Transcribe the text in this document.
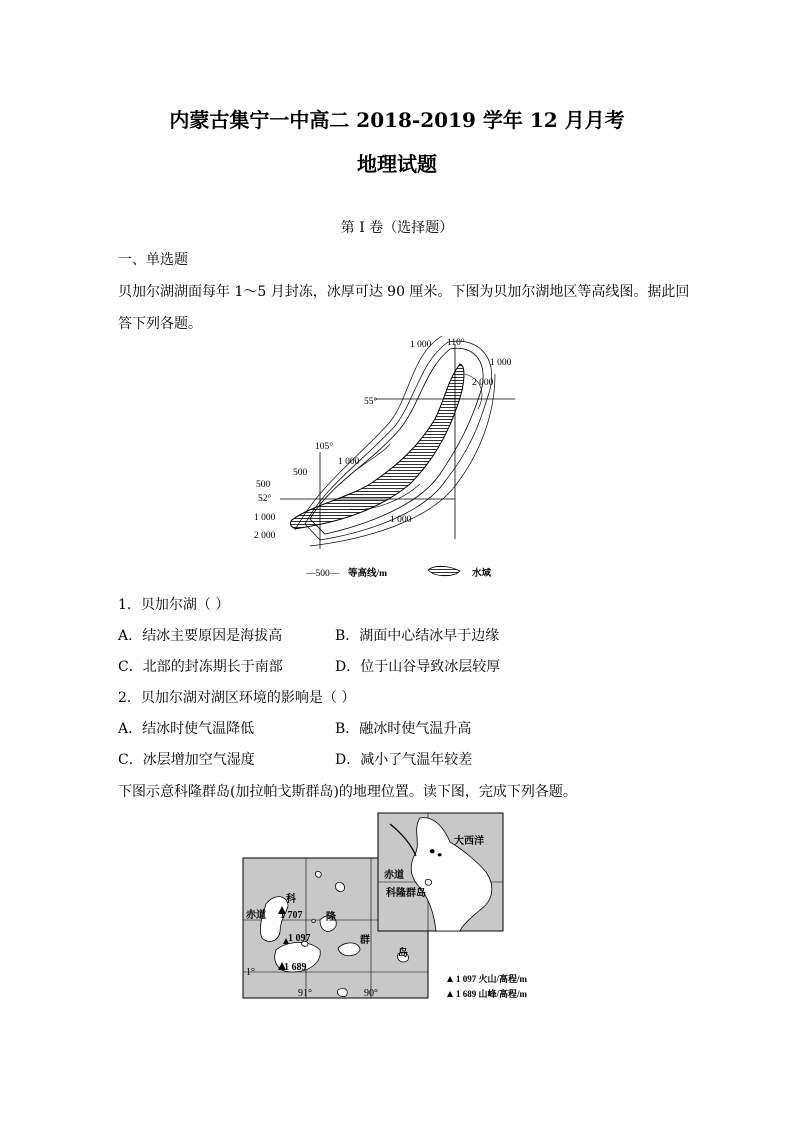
内蒙古集宁一中高二 2018-2019 学年 12 月月考
地理试题
第 I 卷（选择题）
一、单选题
贝加尔湖湖面每年 1～5 月封冻，冰厚可达 90 厘米。下图为贝加尔湖地区等高线图。据此回
答下列各题。
1 000 110°
1 000
2 000
55°
105°
1 000
500
500
52°
1 000	1 000
2 000
—500— 等高线/m	水域
1．贝加尔湖（ ）
A．结冰主要原因是海拔高	B．湖面中心结冰早于边缘
C．北部的封冻期长于南部	D．位于山谷导致冰层较厚
2．贝加尔湖对湖区环境的影响是（ ）
A．结冰时使气温降低	B．融冰时使气温升高
C．冰层增加空气湿度	D．减小了气温年较差
下图示意科隆群岛(加拉帕戈斯群岛)的地理位置。读下图，完成下列各题。
科
赤道 1 707 隆
1 097	群
岛
1 689
1°
91°	90°
大西洋
赤道
科隆群岛
1 097 火山/高程/m
1 689 山峰/高程/m
